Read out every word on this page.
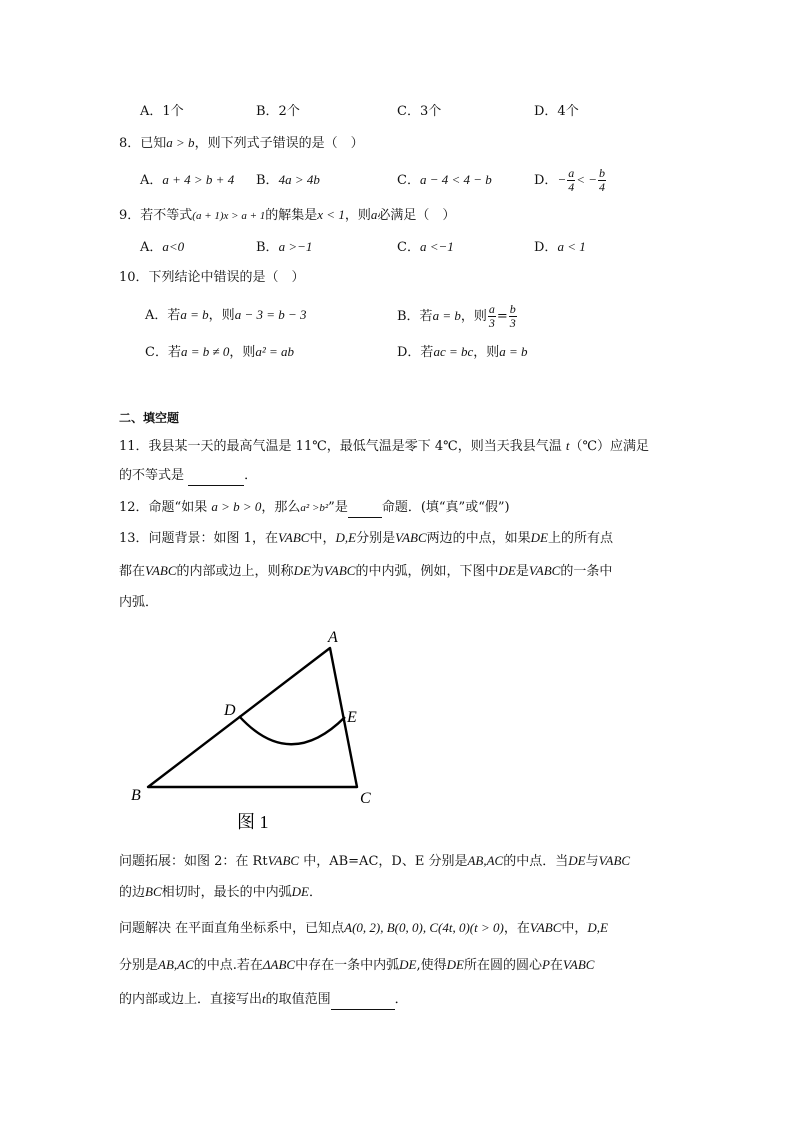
A．1个	B．2个	C．3个	D．4个
8．已知a > b，则下列式子错误的是（　）
A．a + 4 > b + 4 B．4a > 4b	C．a − 4 < 4 − b	D．− $\frac{a}{4}$ < − $\frac{b}{4}$
9．若不等式(a + 1)x > a + 1的解集是x < 1，则a必满足（　）
A．a<0	B．a >−1	C．a <−1	D．a < 1
10．下列结论中错误的是（　）
A．若a = b，则a − 3 = b − 3	B．若a = b，则 $\frac{a}{3} = \frac{b}{3}$
C．若a = b ≠ 0，则a² = ab	D．若ac = bc，则a = b
二、填空题
11．我县某一天的最高气温是 11℃，最低气温是零下 4℃，则当天我县气温 t（℃）应满足
的不等式是	．
12．命题“如果 a > b > 0，那么a² >b²”是	命题．(填“真”或“假”)
13．问题背景：如图 1，在VABC中，D,E分别是VABC两边的中点，如果DE上的所有点
都在VABC的内部或边上，则称DE为VABC的中内弧，例如，下图中DE是VABC的一条中
内弧．
A
B	C
D	E
图 1
问题拓展：如图 2：在 RtVABC 中，AB=AC，D、E 分别是AB,AC的中点．当DE与VABC
的边BC相切时，最长的中内弧DE．
问题解决 在平面直角坐标系中，已知点A(0, 2), B(0, 0), C(4t, 0)(t > 0)，在VABC中，D,E
分别是AB,AC的中点.若在ΔABC中存在一条中内弧DE,使得DE所在圆的圆心P在VABC
的内部或边上．直接写出t的取值范围	．
